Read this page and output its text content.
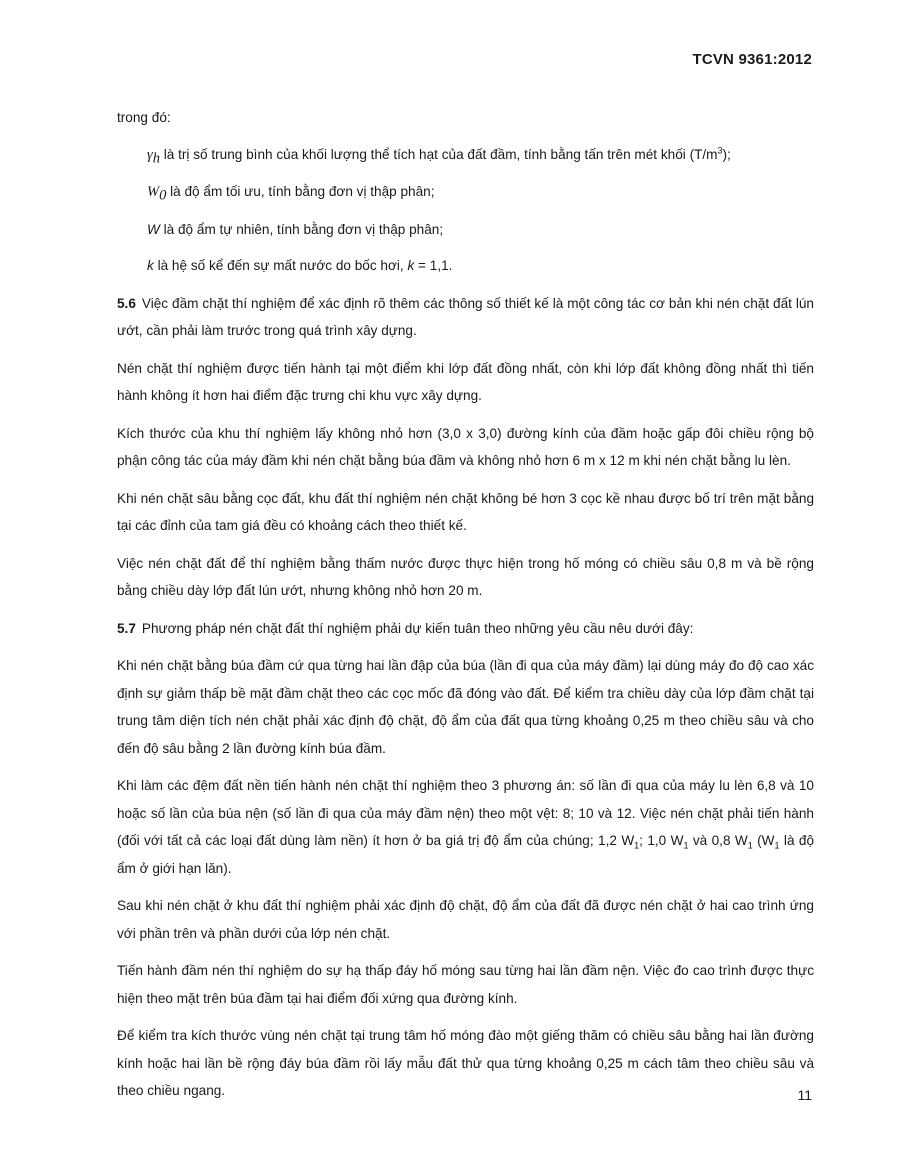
TCVN 9361:2012

trong đó:

$\gamma_h$ là trị số trung bình của khối lượng thể tích hạt của đất đầm, tính bằng tấn trên mét khối $(T/m^3)$;

$W_0$ là độ ẩm tối ưu, tính bằng đơn vị thập phân;

W là độ ẩm tự nhiên, tính bằng đơn vị thập phân;

k là hệ số kể đến sự mất nước do bốc hơi, k = 1,1.

5.6 Việc đầm chặt thí nghiệm để xác định rõ thêm các thông số thiết kế là một công tác cơ bản khi nén chặt đất lún ướt, cần phải làm trước trong quá trình xây dựng.

Nén chặt thí nghiệm được tiến hành tại một điểm khi lớp đất đồng nhất, còn khi lớp đất không đồng nhất thì tiến hành không ít hơn hai điểm đặc trưng chi khu vực xây dựng.

Kích thước của khu thí nghiệm lấy không nhỏ hơn (3,0 x 3,0) đường kính của đầm hoặc gấp đôi chiều rộng bộ phận công tác của máy đầm khi nén chặt bằng búa đầm và không nhỏ hơn 6 m x 12 m khi nén chặt bằng lu lèn.

Khi nén chặt sâu bằng cọc đất, khu đất thí nghiệm nén chặt không bé hơn 3 cọc kề nhau được bố trí trên mặt bằng tại các đỉnh của tam giá đều có khoảng cách theo thiết kế.

Việc nén chặt đất để thí nghiệm bằng thấm nước được thực hiện trong hố móng có chiều sâu 0,8 m và bề rộng bằng chiều dày lớp đất lún ướt, nhưng không nhỏ hơn 20 m.

5.7 Phương pháp nén chặt đất thí nghiệm phải dự kiến tuân theo những yêu cầu nêu dưới đây:

Khi nén chặt bằng búa đầm cứ qua từng hai lần đập của búa (lần đi qua của máy đầm) lại dùng máy đo độ cao xác định sự giảm thấp bề mặt đầm chặt theo các cọc mốc đã đóng vào đất. Để kiểm tra chiều dày của lớp đầm chặt tại trung tâm diện tích nén chặt phải xác định độ chặt, độ ẩm của đất qua từng khoảng 0,25 m theo chiều sâu và cho đến độ sâu bằng 2 lần đường kính búa đầm.

Khi làm các đệm đất nền tiến hành nén chặt thí nghiệm theo 3 phương án: số lần đi qua của máy lu lèn 6,8 và 10 hoặc số lần của búa nện (số lần đi qua của máy đầm nện) theo một vệt: 8; 10 và 12. Việc nén chặt phải tiến hành (đối với tất cả các loại đất dùng làm nền) ít hơn ở ba giá trị độ ẩm của chúng; 1,2 $W_1$; 1,0 $W_1$ và 0,8 $W_1$ ($W_1$ là độ ẩm ở giới hạn lăn).

Sau khi nén chặt ở khu đất thí nghiệm phải xác định độ chặt, độ ẩm của đất đã được nén chặt ở hai cao trình ứng với phần trên và phần dưới của lớp nén chặt.

Tiến hành đầm nén thí nghiệm do sự hạ thấp đáy hố móng sau từng hai lần đầm nện. Việc đo cao trình được thực hiện theo mặt trên búa đầm tại hai điểm đối xứng qua đường kính.

Để kiểm tra kích thước vùng nén chặt tại trung tâm hố móng đào một giếng thăm có chiều sâu bằng hai lần đường kính hoặc hai lần bề rộng đáy búa đầm rồi lấy mẫu đất thử qua từng khoảng 0,25 m cách tâm theo chiều sâu và theo chiều ngang.	11
